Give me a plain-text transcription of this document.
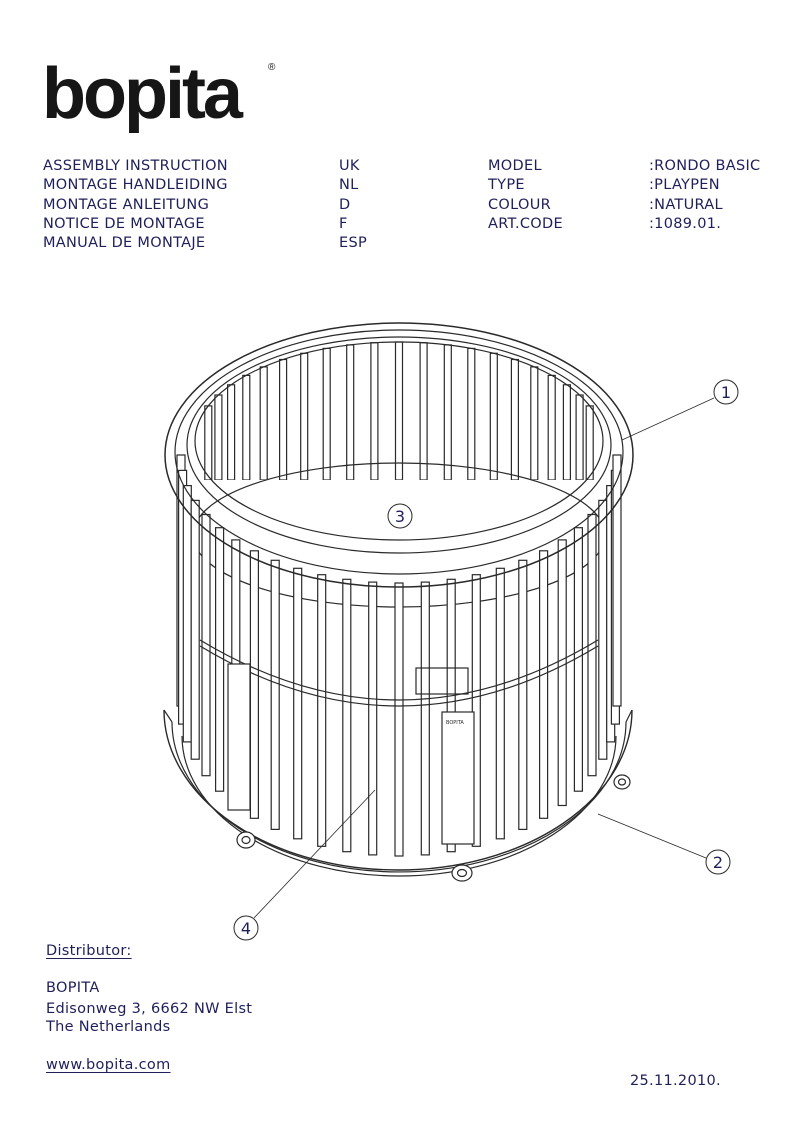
bopita	®
ASSEMBLY INSTRUCTION
MONTAGE HANDLEIDING
MONTAGE ANLEITUNG
NOTICE DE MONTAGE
MANUAL DE MONTAJE
UK
NL
D
F
ESP
MODEL
TYPE
COLOUR
ART.CODE
:RONDO BASIC
:PLAYPEN
:NATURAL
:1089.01.
BOPITA
1
2
3
4
Distributor:
BOPITA
Edisonweg 3, 6662 NW Elst
The Netherlands
www.bopita.com
25.11.2010.
